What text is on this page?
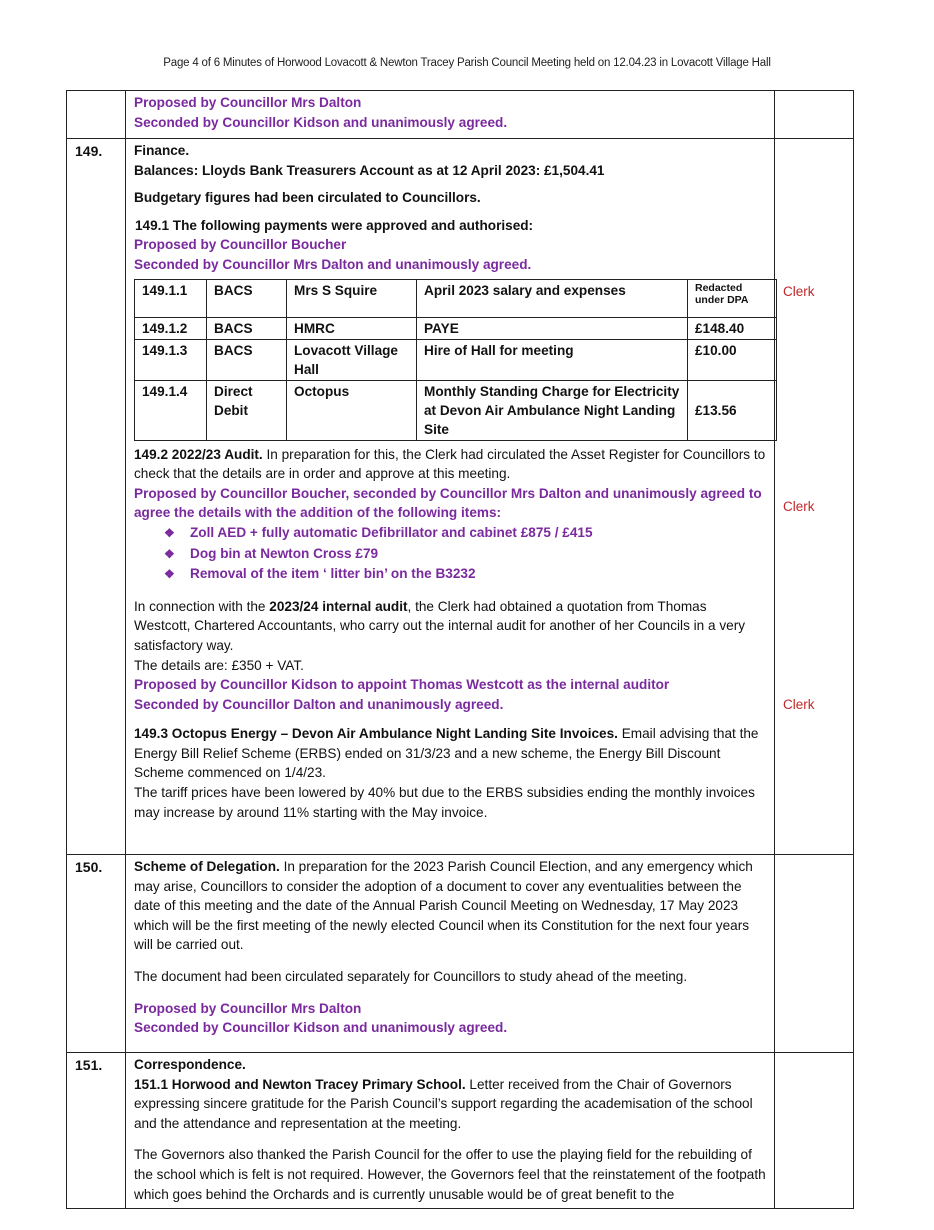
Page 4 of 6 Minutes of Horwood Lovacott & Newton Tracey Parish Council Meeting held on 12.04.23 in Lovacott Village Hall

Proposed by Councillor Mrs Dalton

Seconded by Councillor Kidson and unanimously agreed.

149.	Finance.

Balances: Lloyds Bank Treasurers Account as at 12 April 2023: £1,504.41

Budgetary figures had been circulated to Councillors.

149.1 The following payments were approved and authorised:

Proposed by Councillor Boucher

Seconded by Councillor Mrs Dalton and unanimously agreed.

149.1.1	BACS	Mrs S Squire	April 2023 salary and expenses	Redacted under DPA
149.1.2	BACS	HMRC	PAYE	£148.40
149.1.3	BACS	Lovacott Village Hall	Hire of Hall for meeting	£10.00
149.1.4	Direct Debit	Octopus	Monthly Standing Charge for Electricity at Devon Air Ambulance Night Landing Site	£13.56

149.2 2022/23 Audit. In preparation for this, the Clerk had circulated the Asset Register for Councillors to check that the details are in order and approve at this meeting.

Proposed by Councillor Boucher, seconded by Councillor Mrs Dalton and unanimously agreed to agree the details with the addition of the following items:

❖ Zoll AED + fully automatic Defibrillator and cabinet £875 / £415
❖ Dog bin at Newton Cross £79
❖ Removal of the item ‘ litter bin’ on the B3232

In connection with the 2023/24 internal audit, the Clerk had obtained a quotation from Thomas Westcott, Chartered Accountants, who carry out the internal audit for another of her Councils in a very satisfactory way.

The details are: £350 + VAT.

Proposed by Councillor Kidson to appoint Thomas Westcott as the internal auditor

Seconded by Councillor Dalton and unanimously agreed.

149.3 Octopus Energy – Devon Air Ambulance Night Landing Site Invoices. Email advising that the Energy Bill Relief Scheme (ERBS) ended on 31/3/23 and a new scheme, the Energy Bill Discount Scheme commenced on 1/4/23.

The tariff prices have been lowered by 40% but due to the ERBS subsidies ending the monthly invoices may increase by around 11% starting with the May invoice.

Clerk
Clerk
Clerk

150.	Scheme of Delegation. In preparation for the 2023 Parish Council Election, and any emergency which may arise, Councillors to consider the adoption of a document to cover any eventualities between the date of this meeting and the date of the Annual Parish Council Meeting on Wednesday, 17 May 2023 which will be the first meeting of the newly elected Council when its Constitution for the next four years will be carried out.

The document had been circulated separately for Councillors to study ahead of the meeting.

Proposed by Councillor Mrs Dalton

Seconded by Councillor Kidson and unanimously agreed.

151.	Correspondence.

151.1 Horwood and Newton Tracey Primary School. Letter received from the Chair of Governors expressing sincere gratitude for the Parish Council’s support regarding the academisation of the school and the attendance and representation at the meeting.

The Governors also thanked the Parish Council for the offer to use the playing field for the rebuilding of the school which is felt is not required. However, the Governors feel that the reinstatement of the footpath which goes behind the Orchards and is currently unusable would be of great benefit to the
